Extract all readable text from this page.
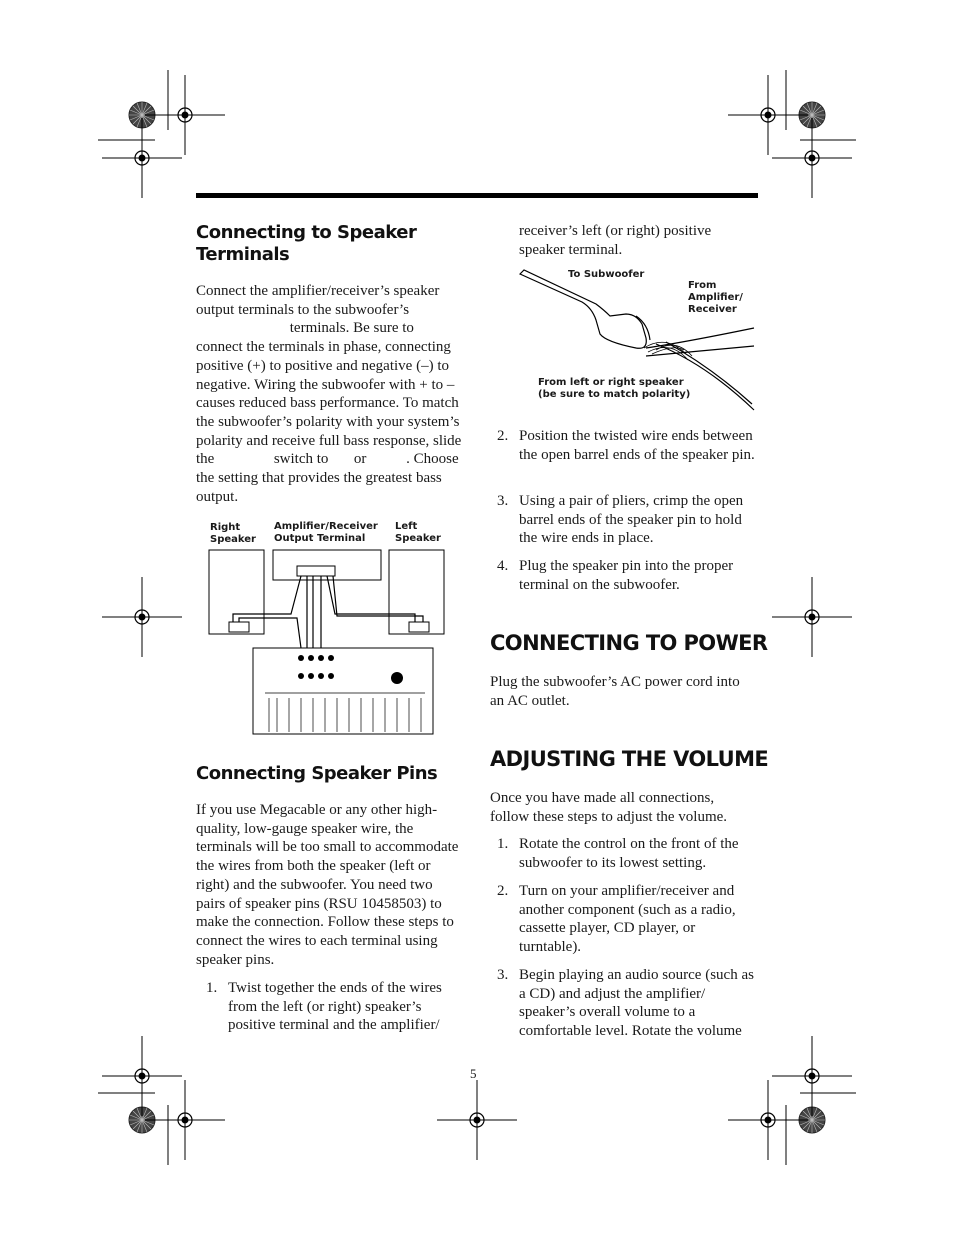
Connecting to Speaker Terminals
Connect the amplifier/receiver’s speaker output terminals to the subwoofer’s  terminals. Be sure to connect the terminals in phase, connecting positive (+) to positive and negative (–) to negative. Wiring the subwoofer with + to – causes reduced bass performance. To match the subwoofer’s polarity with your system’s polarity and receive full bass response, slide the	switch to or	. Choose the setting that provides the greatest bass output.
Right
Speaker
Amplifier/Receiver
Output Terminal
Left
Speaker
Connecting Speaker Pins

If you use Megacable or any other high-quality, low-gauge speaker wire, the terminals will be too small to accommodate the wires from both the speaker (left or right) and the subwoofer. You need two pairs of speaker pins (RSU 10458503) to make the connection. Follow these steps to connect the wires to each terminal using speaker pins.

1. Twist together the ends of the wires from the left (or right) speaker’s positive terminal and the amplifier/

receiver’s left (or right) positive speaker terminal.

To Subwoofer
From
Amplifier/
Receiver
From left or right speaker
(be sure to match polarity)
2. Position the twisted wire ends between the open barrel ends of the speaker pin.
3. Using a pair of pliers, crimp the open barrel ends of the speaker pin to hold the wire ends in place.
4. Plug the speaker pin into the proper terminal on the subwoofer.
CONNECTING TO POWER

Plug the subwoofer’s AC power cord into an AC outlet.

ADJUSTING THE VOLUME

Once you have made all connections, follow these steps to adjust the volume.

1. Rotate the control on the front of the subwoofer to its lowest setting.
2. Turn on your amplifier/receiver and another component (such as a radio, cassette player, CD player, or turntable).
3. Begin playing an audio source (such as a CD) and adjust the amplifier/ speaker’s overall volume to a comfortable level. Rotate the volume
5
